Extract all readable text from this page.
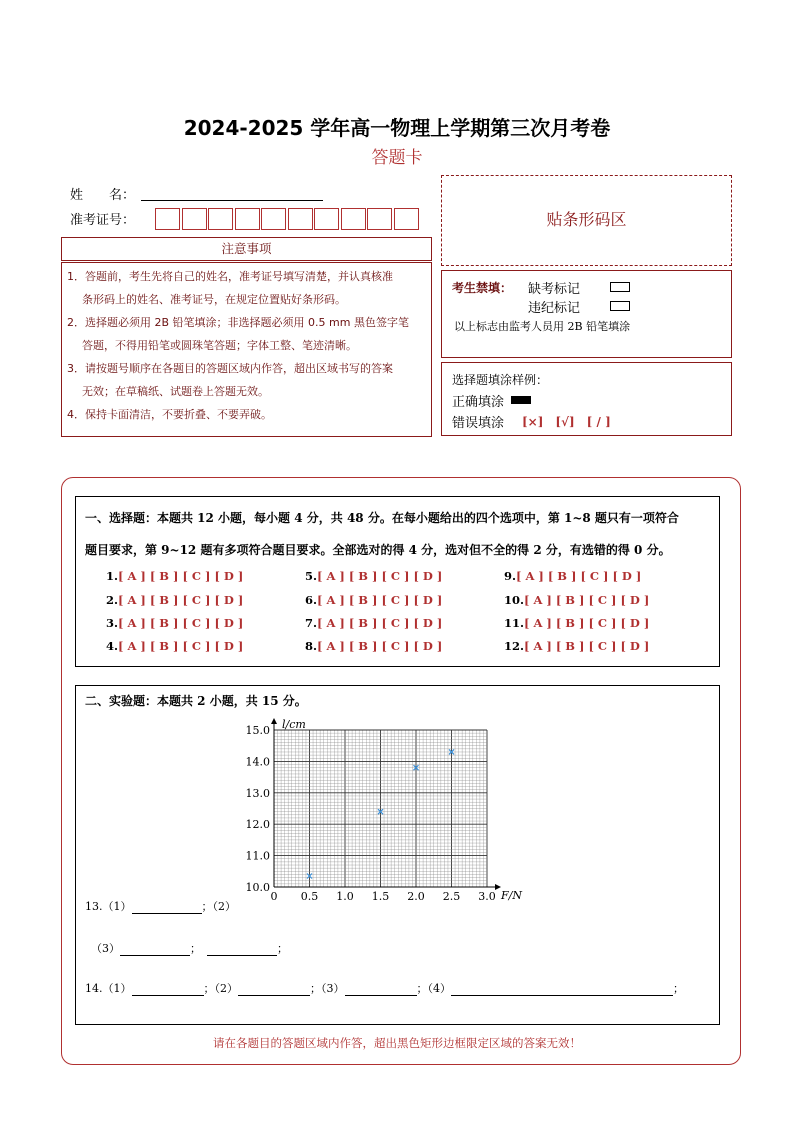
2024-2025 学年高一物理上学期第三次月考卷
答题卡
姓　　名：
准考证号：	贴条形码区
注意事项
1．答题前，考生先将自己的姓名，准考证号填写清楚，并认真核准
条形码上的姓名、准考证号，在规定位置贴好条形码。
2．选择题必须用 2B 铅笔填涂；非选择题必须用 0.5 mm 黑色签字笔
答题，不得用铅笔或圆珠笔答题；字体工整、笔迹清晰。
3．请按题号顺序在各题目的答题区域内作答，超出区域书写的答案
无效；在草稿纸、试题卷上答题无效。
4．保持卡面清洁，不要折叠、不要弄破。
考生禁填： 缺考标记
违纪标记
以上标志由监考人员用 2B 铅笔填涂
选择题填涂样例：
正确填涂
错误填涂 [×]　[√]　[ / ]
一、选择题：本题共 12 小题，每小题 4 分，共 48 分。在每小题给出的四个选项中，第 1~8 题只有一项符合
题目要求，第 9~12 题有多项符合题目要求。全部选对的得 4 分，选对但不全的得 2 分，有选错的得 0 分。
1.[ A ] [ B ] [ C ] [ D ]
2.[ A ] [ B ] [ C ] [ D ]
3.[ A ] [ B ] [ C ] [ D ]
4.[ A ] [ B ] [ C ] [ D ]
5.[ A ] [ B ] [ C ] [ D ]
6.[ A ] [ B ] [ C ] [ D ]
7.[ A ] [ B ] [ C ] [ D ]
8.[ A ] [ B ] [ C ] [ D ]
9.[ A ] [ B ] [ C ] [ D ]
10.[ A ] [ B ] [ C ] [ D ]
11.[ A ] [ B ] [ C ] [ D ]
12.[ A ] [ B ] [ C ] [ D ]
二、实验题：本题共 2 小题，共 15 分。
0 0.5 1.0 1.5 2.0 2.5 3.0
10.0
11.0
12.0
13.0
14.0
15.0
F/N
l/cm
13.（1）	；（2）
（3）	；	；
14.（1）	；（2）	；（3）	；（4）	；
请在各题目的答题区域内作答，超出黑色矩形边框限定区域的答案无效！
